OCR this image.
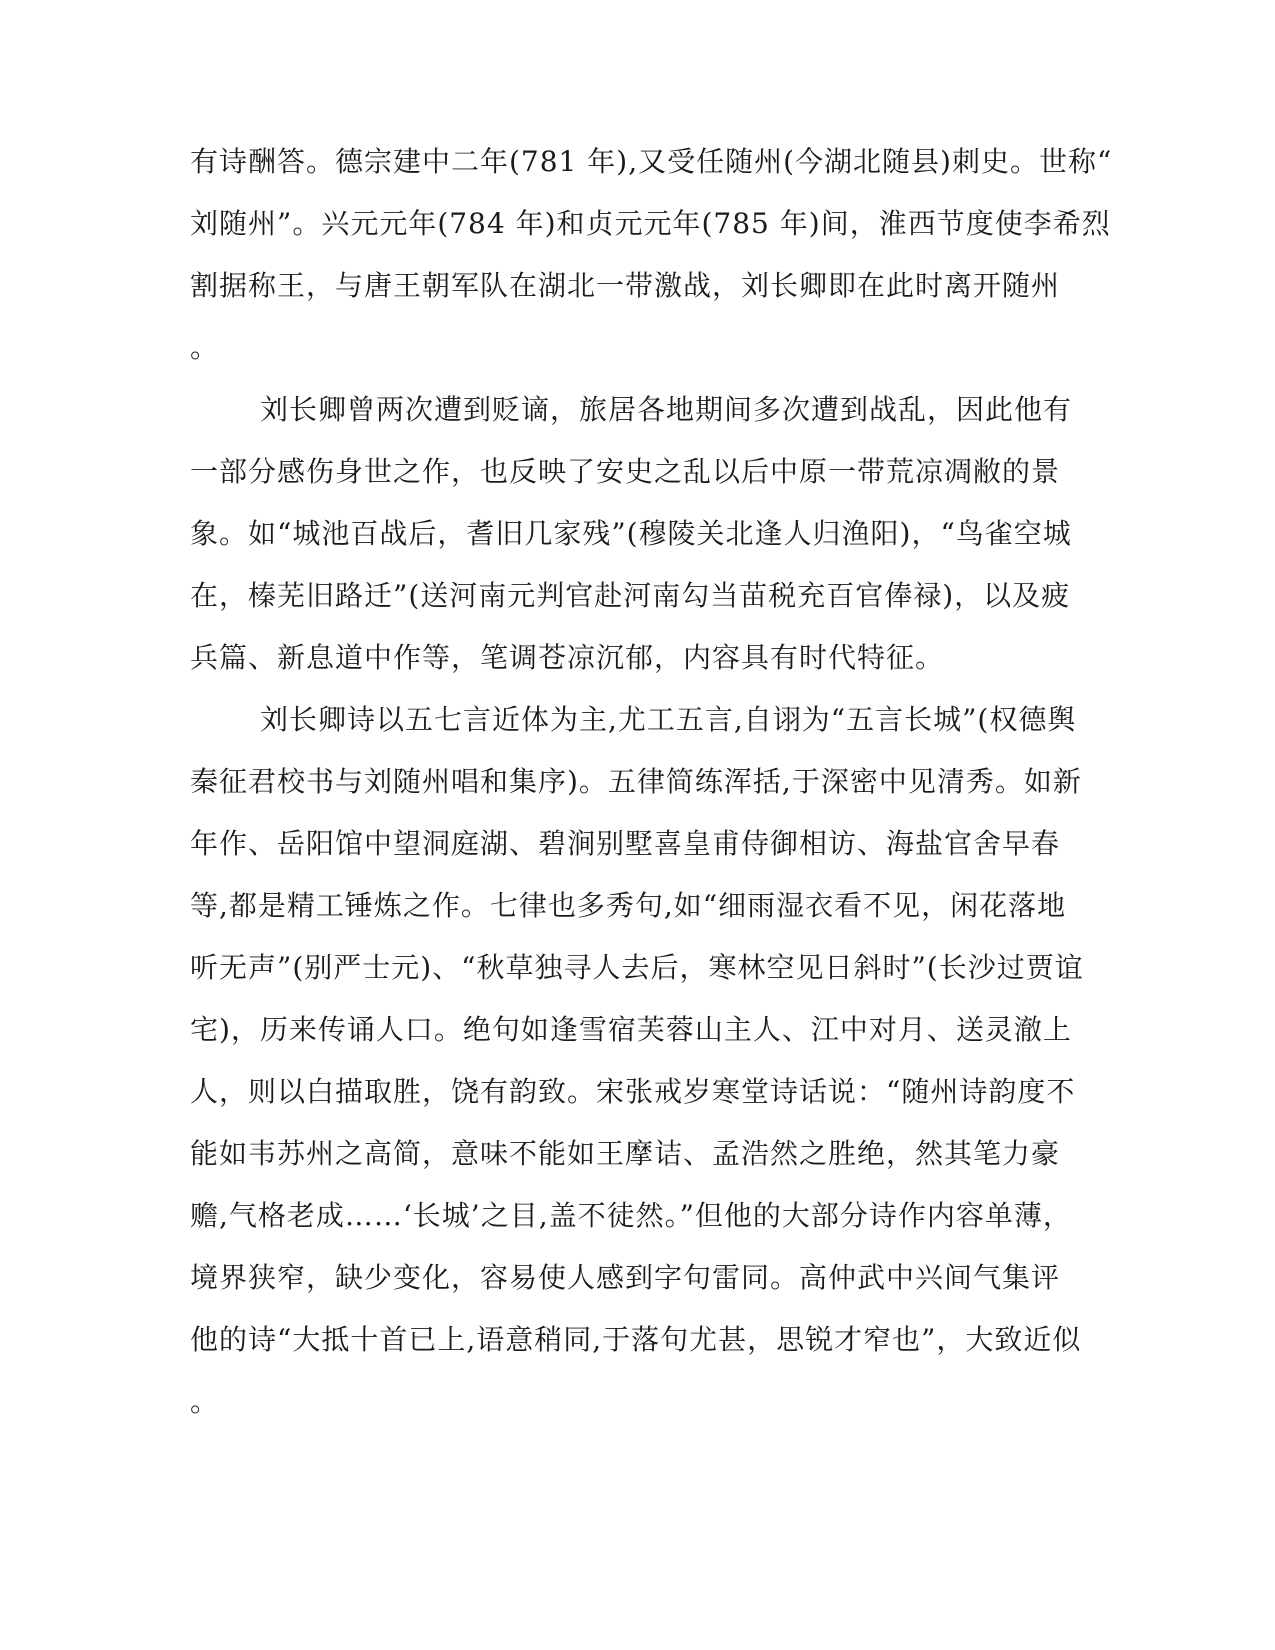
有诗酬答。德宗建中二年(781 年),又受任随州(今湖北随县)刺史。世称“
刘随州”。兴元元年(784 年)和贞元元年(785 年)间，淮西节度使李希烈
割据称王，与唐王朝军队在湖北一带激战，刘长卿即在此时离开随州
。
刘长卿曾两次遭到贬谪，旅居各地期间多次遭到战乱，因此他有
一部分感伤身世之作，也反映了安史之乱以后中原一带荒凉凋敝的景
象。如“城池百战后，耆旧几家残”(穆陵关北逢人归渔阳)，“鸟雀空城
在，榛芜旧路迁”(送河南元判官赴河南勾当苗税充百官俸禄)，以及疲
兵篇、新息道中作等，笔调苍凉沉郁，内容具有时代特征。
刘长卿诗以五七言近体为主,尤工五言,自诩为“五言长城”(权德舆
秦征君校书与刘随州唱和集序)。五律简练浑括,于深密中见清秀。如新
年作、岳阳馆中望洞庭湖、碧涧别墅喜皇甫侍御相访、海盐官舍早春
等,都是精工锤炼之作。七律也多秀句,如“细雨湿衣看不见，闲花落地
听无声”(别严士元)、“秋草独寻人去后，寒林空见日斜时”(长沙过贾谊
宅)，历来传诵人口。绝句如逢雪宿芙蓉山主人、江中对月、送灵澈上
人，则以白描取胜，饶有韵致。宋张戒岁寒堂诗话说：“随州诗韵度不
能如韦苏州之高简，意味不能如王摩诘、孟浩然之胜绝，然其笔力豪
赡,气格老成……‘长城’之目,盖不徒然。”但他的大部分诗作内容单薄，
境界狭窄，缺少变化，容易使人感到字句雷同。高仲武中兴间气集评
他的诗“大抵十首已上,语意稍同,于落句尤甚，思锐才窄也”，大致近似
。
